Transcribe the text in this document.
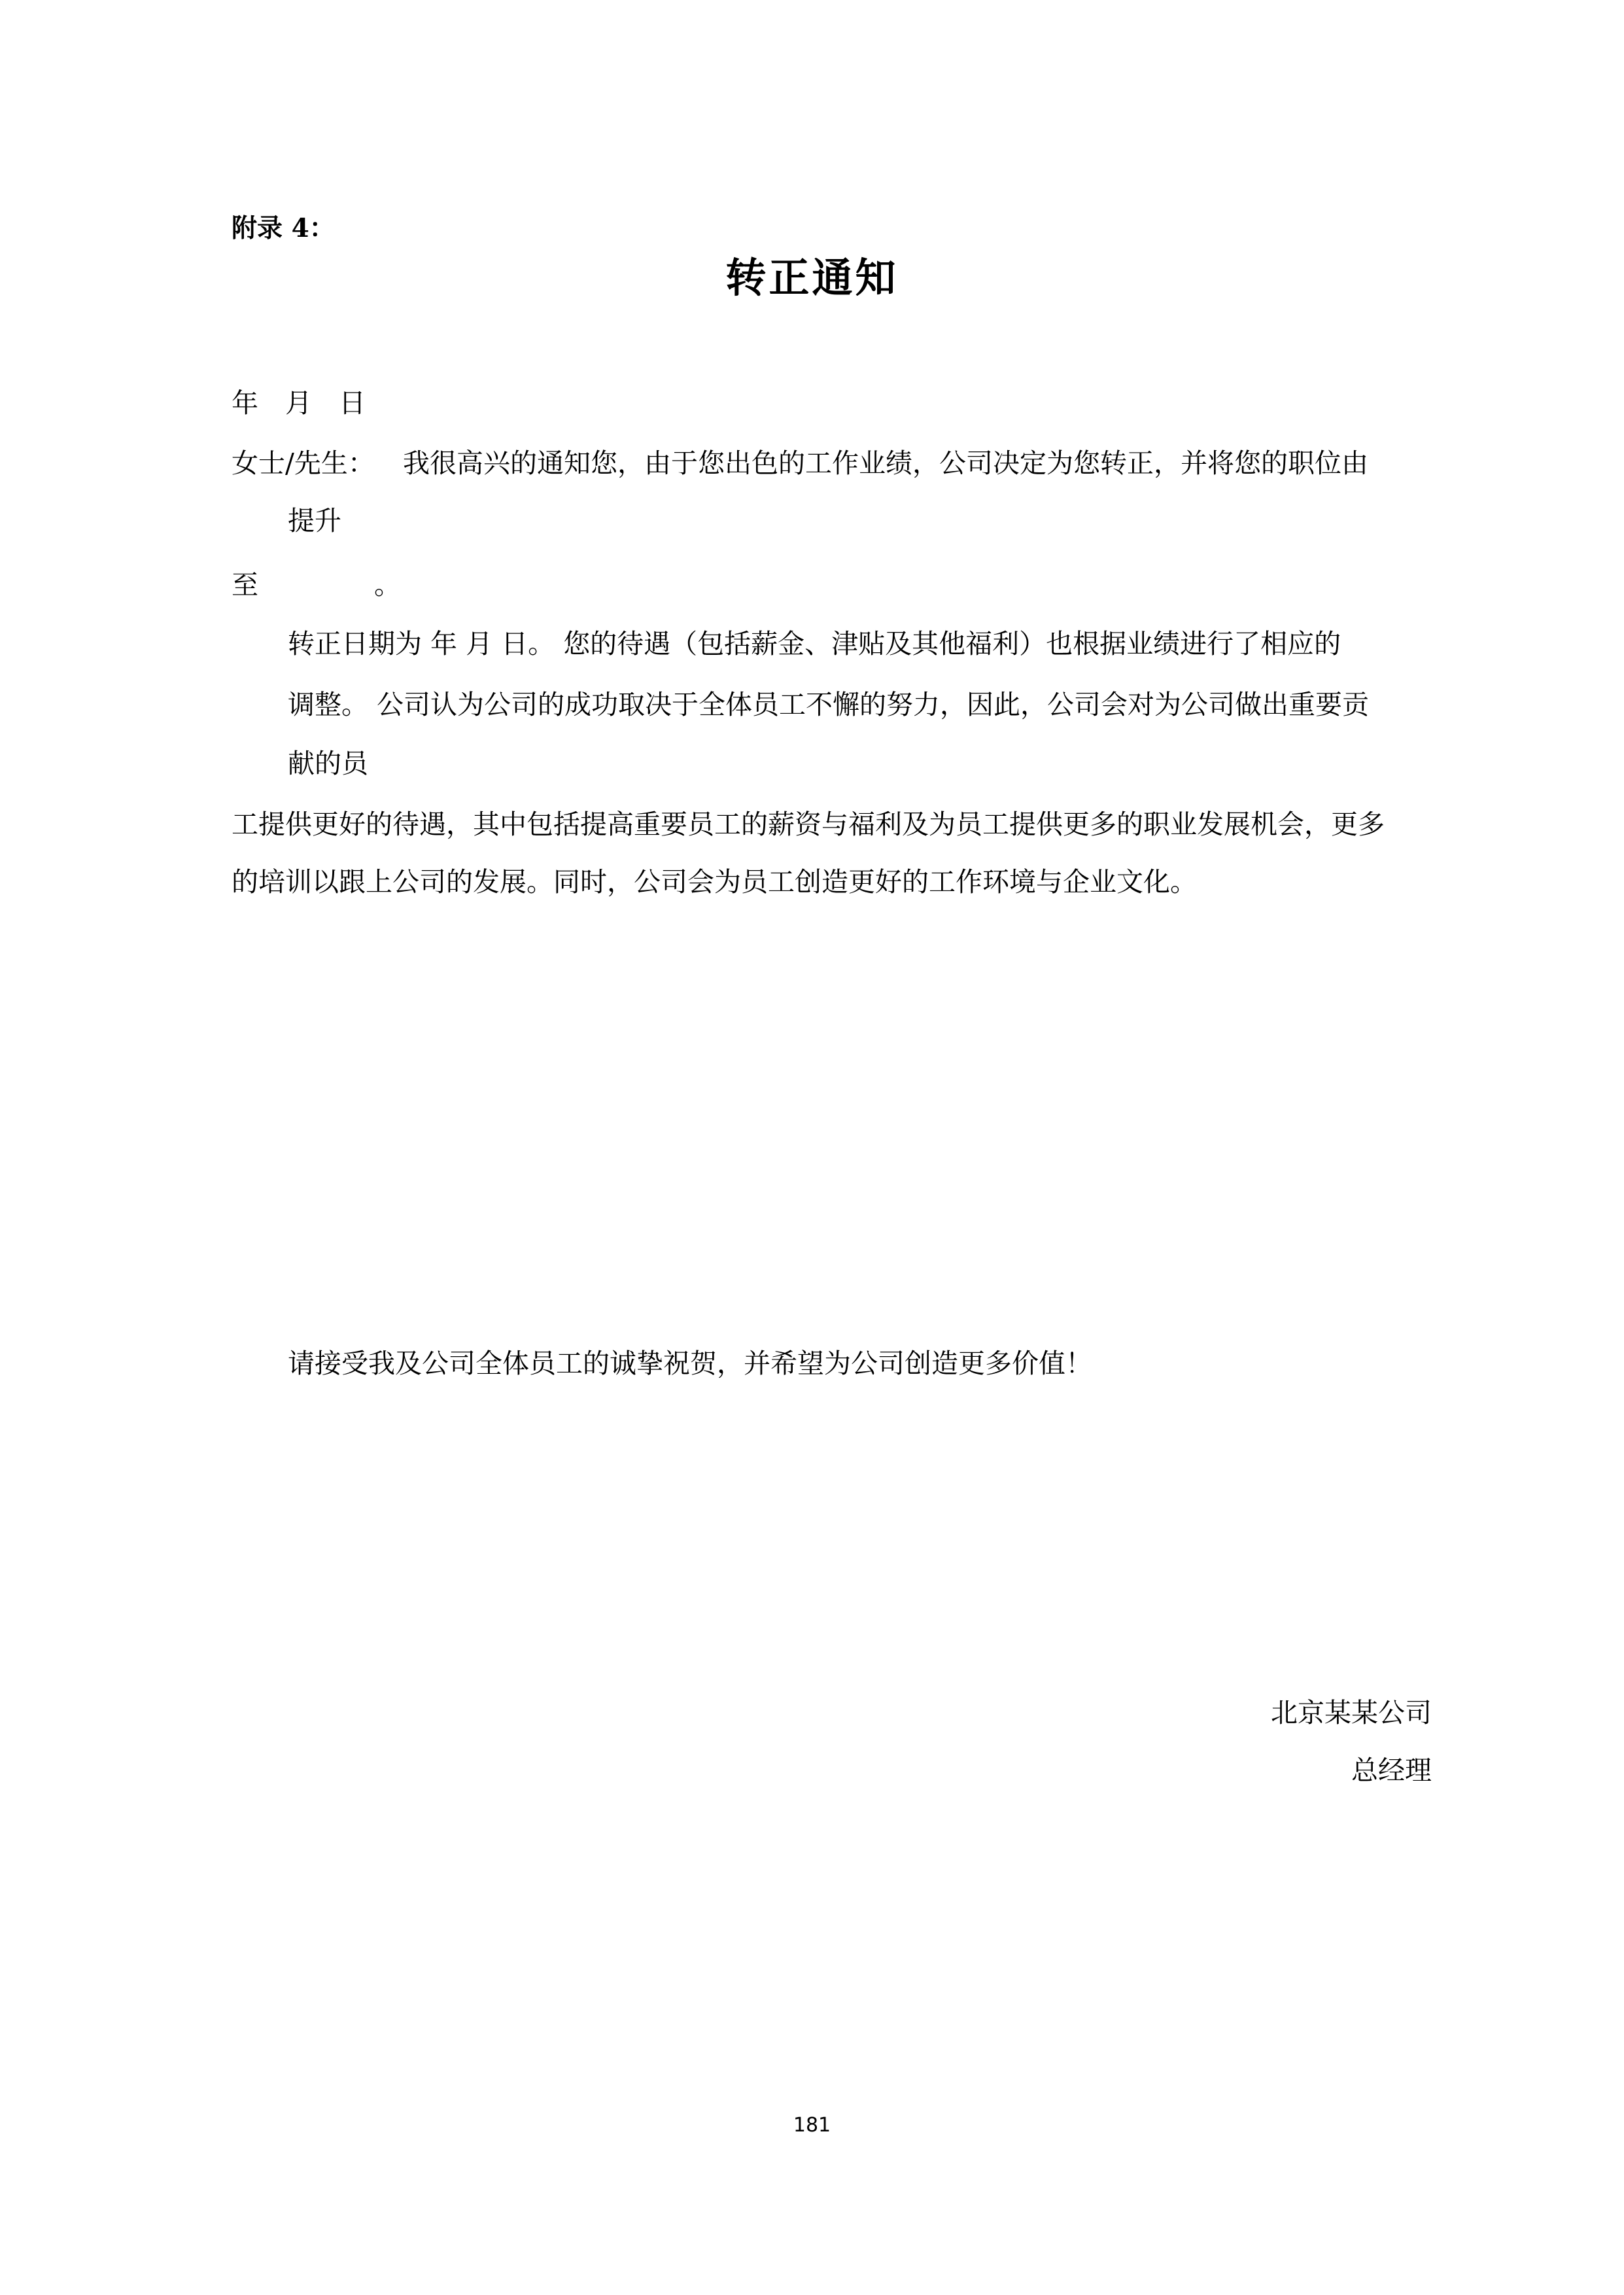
附录 4：
转正通知
年 月 日
女士/先生： 我很高兴的通知您，由于您出色的工作业绩，公司决定为您转正，并将您的职位由
提升
至	。
转正日期为 年 月 日。 您的待遇（包括薪金、津贴及其他福利）也根据业绩进行了相应的
调整。 公司认为公司的成功取决于全体员工不懈的努力，因此，公司会对为公司做出重要贡
献的员
工提供更好的待遇，其中包括提高重要员工的薪资与福利及为员工提供更多的职业发展机会，更多
的培训以跟上公司的发展。同时，公司会为员工创造更好的工作环境与企业文化。
请接受我及公司全体员工的诚挚祝贺，并希望为公司创造更多价值！
北京某某公司
总经理
181
